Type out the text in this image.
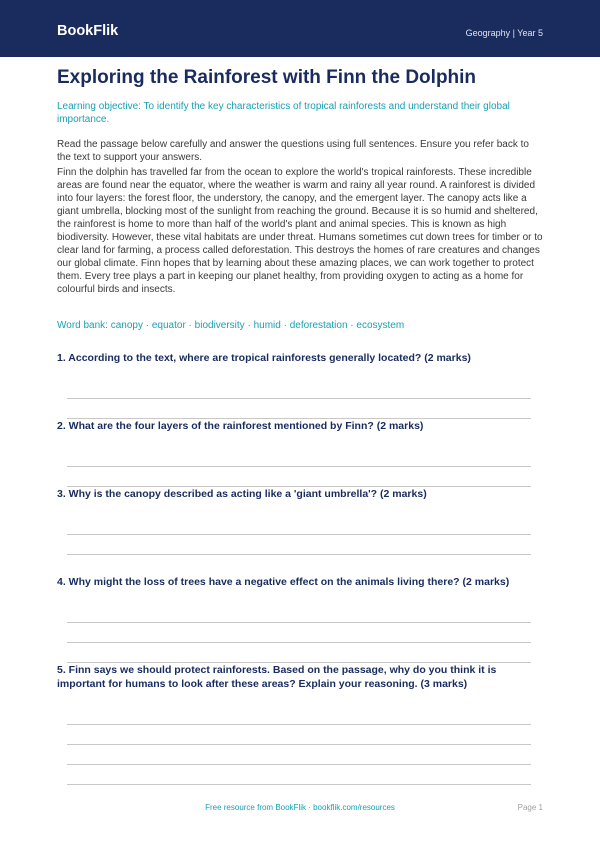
BookFlik	Geography | Year 5
Exploring the Rainforest with Finn the Dolphin
Learning objective: To identify the key characteristics of tropical rainforests and understand their global importance.
Read the passage below carefully and answer the questions using full sentences. Ensure you refer back to the text to support your answers.
Finn the dolphin has travelled far from the ocean to explore the world's tropical rainforests. These incredible areas are found near the equator, where the weather is warm and rainy all year round. A rainforest is divided into four layers: the forest floor, the understory, the canopy, and the emergent layer. The canopy acts like a giant umbrella, blocking most of the sunlight from reaching the ground. Because it is so humid and sheltered, the rainforest is home to more than half of the world's plant and animal species. This is known as high biodiversity. However, these vital habitats are under threat. Humans sometimes cut down trees for timber or to clear land for farming, a process called deforestation. This destroys the homes of rare creatures and changes our global climate. Finn hopes that by learning about these amazing places, we can work together to protect them. Every tree plays a part in keeping our planet healthy, from providing oxygen to acting as a home for colourful birds and insects.
Word bank: canopy · equator · biodiversity · humid · deforestation · ecosystem
1. According to the text, where are tropical rainforests generally located? (2 marks)
2. What are the four layers of the rainforest mentioned by Finn? (2 marks)
3. Why is the canopy described as acting like a 'giant umbrella'? (2 marks)
4. Why might the loss of trees have a negative effect on the animals living there? (2 marks)
5. Finn says we should protect rainforests. Based on the passage, why do you think it is important for humans to look after these areas? Explain your reasoning. (3 marks)
Free resource from BookFlik · bookflik.com/resources	Page 1
